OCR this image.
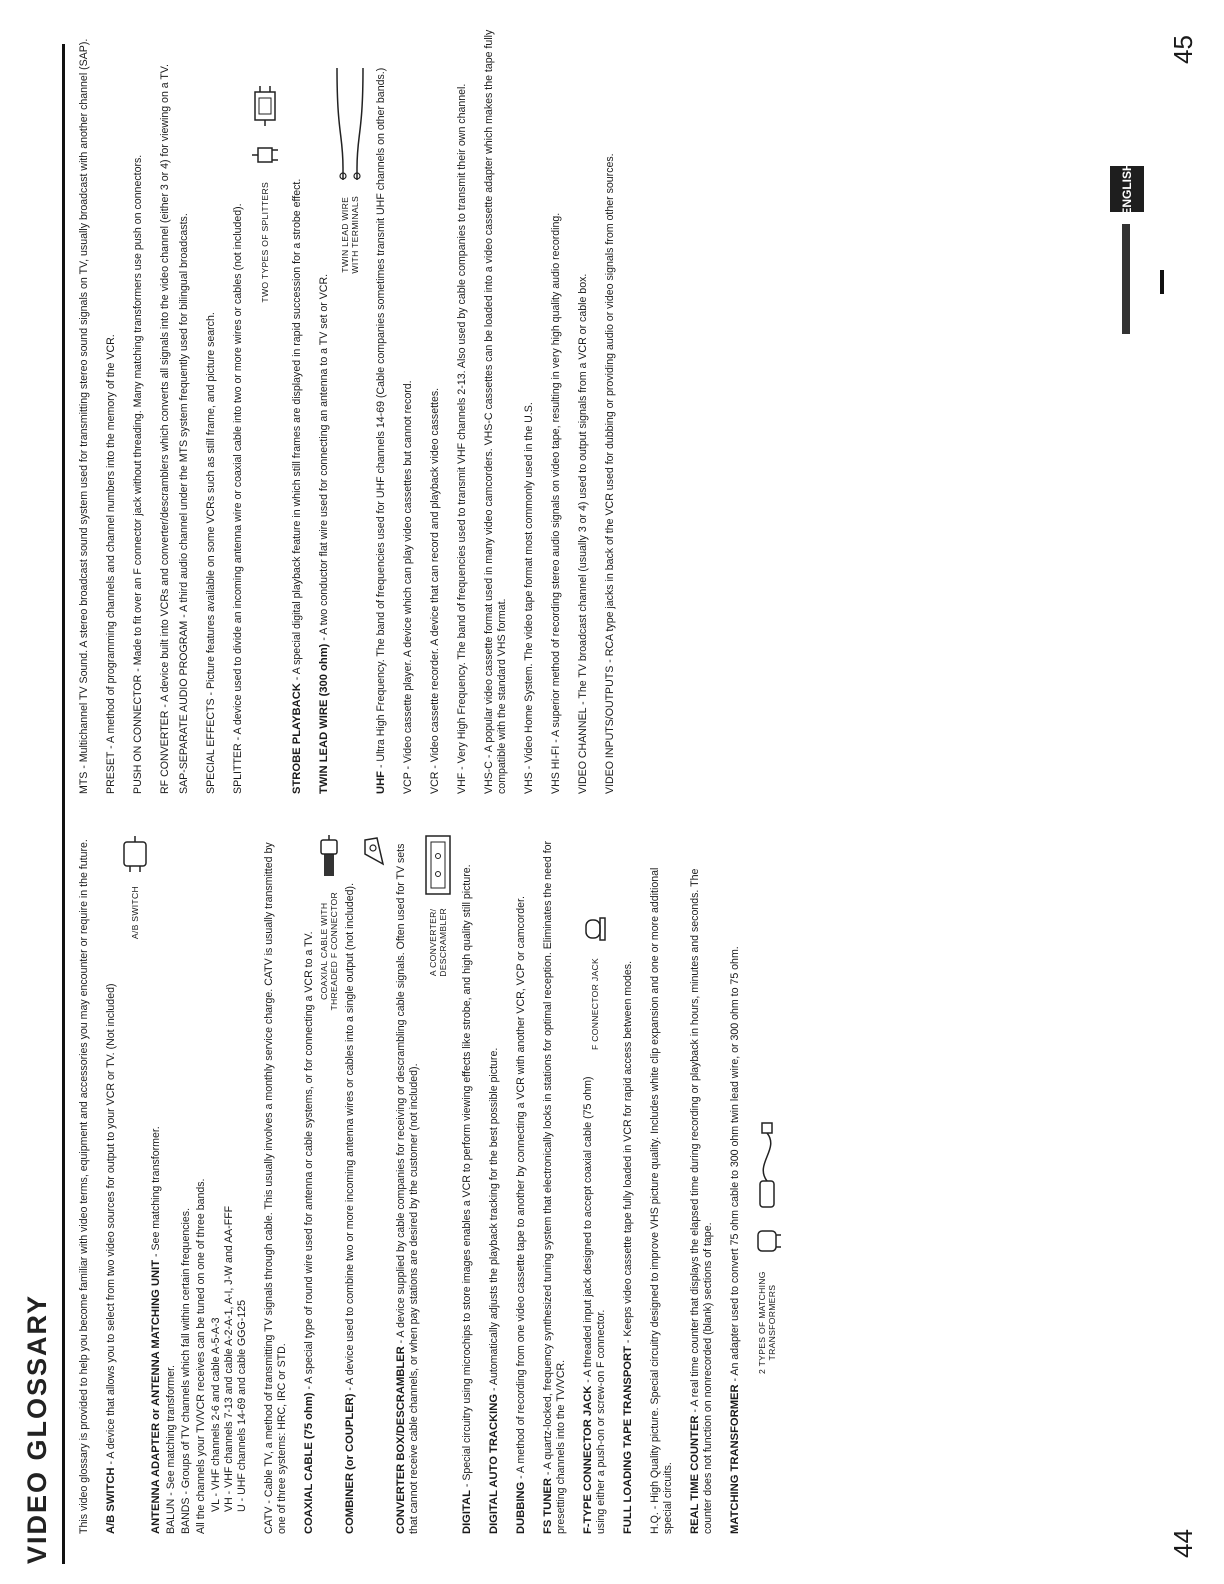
VIDEO GLOSSARY
ENGLISH

This video glossary is provided to help you become familiar with video terms, equipment and accessories you may encounter or require in the future. A/B SWITCH - A device that allows you to select from two video sources for output to your VCR or TV. (Not included)

A/B SWITCH

ANTENNA ADAPTER or ANTENNA MATCHING UNIT - See matching transformer.

BALUN - See matching transformer.

BANDS - Groups of TV channels which fall within certain frequencies. All the channels your TV/VCR receives can be tuned on one of three bands. VL - VHF channels 2-6 and cable A-5-A-3 VH - VHF channels 7-13 and cable A-2-A-1, A-I, J-W and AA-FFF U - UHF channels 14-69 and cable GGG-125

CATV - Cable TV, a method of transmitting TV signals through cable. This usually involves a monthly service charge. CATV is usually transmitted by one of three systems: HRC, IRC or STD. COAXIAL CABLE (75 ohm) - A special type of round wire used for antenna or cable systems, or for connecting a VCR to a TV. COAXIAL CABLE WITH THREADED F CONNECTOR

COMBINER (or COUPLER) - A device used to combine two or more incoming antenna wires or cables into a single output (not included).

CONVERTER BOX/DESCRAMBLER - A device supplied by cable companies for receiving or descrambling cable signals. Often used for TV sets that cannot receive cable channels, or when pay stations are desired by the customer (not included).

A CONVERTER/ DESCRAMBLER

DIGITAL - Special circuitry using microchips to store images enables a VCR to perform viewing effects like strobe, and high quality still picture. DIGITAL AUTO TRACKING - Automatically adjusts the playback tracking for the best possible picture.

DUBBING - A method of recording from one video cassette tape to another by connecting a VCR with another VCR, VCP or camcorder.

FS TUNER - A quartz-locked, frequency synthesized tuning system that electronically locks in stations for optimal reception. Eliminates the need for presetting channels into the TV/VCR. F-TYPE CONNECTOR JACK - A threaded input jack designed to accept coaxial cable (75 ohm) using either a push-on or screw-on F connector.

F CONNECTOR JACK

FULL LOADING TAPE TRANSPORT - Keeps video cassette tape fully loaded in VCR for rapid access between modes.

H.Q. - High Quality picture. Special circuitry designed to improve VHS picture quality. Includes white clip expansion and one or more additional special circuits. REAL TIME COUNTER - A real time counter that displays the elapsed time during recording or playback in hours, minutes and seconds. The counter does not function on nonrecorded (blank) sections of tape. MATCHING TRANSFORMER - An adapter used to convert 75 ohm cable to 300 ohm twin lead wire, or 300 ohm to 75 ohm. 2 TYPES OF MATCHING TRANSFORMERS

MTS - Multichannel TV Sound. A stereo broadcast sound system used for transmitting stereo sound signals on TV, usually broadcast with another channel (SAP).

PRESET - A method of programming channels and channel numbers into the memory of the VCR. PUSH ON CONNECTOR - Made to fit over an F connector jack without threading. Many matching transformers use push on connectors.

RF CONVERTER - A device built into VCRs and converter/descramblers which converts all signals into the video channel (either 3 or 4) for viewing on a TV. SAP-SEPARATE AUDIO PROGRAM - A third audio channel under the MTS system frequently used for bilingual broadcasts.

SPECIAL EFFECTS - Picture features available on some VCRs such as still frame, and picture search.

SPLITTER - A device used to divide an incoming antenna wire or coaxial cable into two or more wires or cables (not included). TWO TYPES OF SPLITTERS

STROBE PLAYBACK - A special digital playback feature in which still frames are displayed in rapid succession for a strobe effect.

TWIN LEAD WIRE (300 ohm) - A two conductor flat wire used for connecting an antenna to a TV set or VCR.

TWIN LEAD WIRE WITH TERMINALS

UHF - Ultra High Frequency. The band of frequencies used for UHF channels 14-69 (Cable companies sometimes transmit UHF channels on other bands.)

VCP - Video cassette player. A device which can play video cassettes but cannot record.

VCR - Video cassette recorder. A device that can record and playback video cassettes.

VHF - Very High Frequency. The band of frequencies used to transmit VHF channels 2-13. Also used by cable companies to transmit their own channel.

VHS-C - A popular video cassette format used in many video camcorders. VHS-C cassettes can be loaded into a video cassette adapter which makes the tape fully compatible with the standard VHS format. VHS - Video Home System. The video tape format most commonly used in the U.S. VHS HI-FI - A superior method of recording stereo audio signals on video tape, resulting in very high quality audio recording.

VIDEO CHANNEL - The TV broadcast channel (usually 3 or 4) used to output signals from a VCR or cable box.

VIDEO INPUTS/OUTPUTS - RCA type jacks in back of the VCR used for dubbing or providing audio or video signals from other sources.

44
45
